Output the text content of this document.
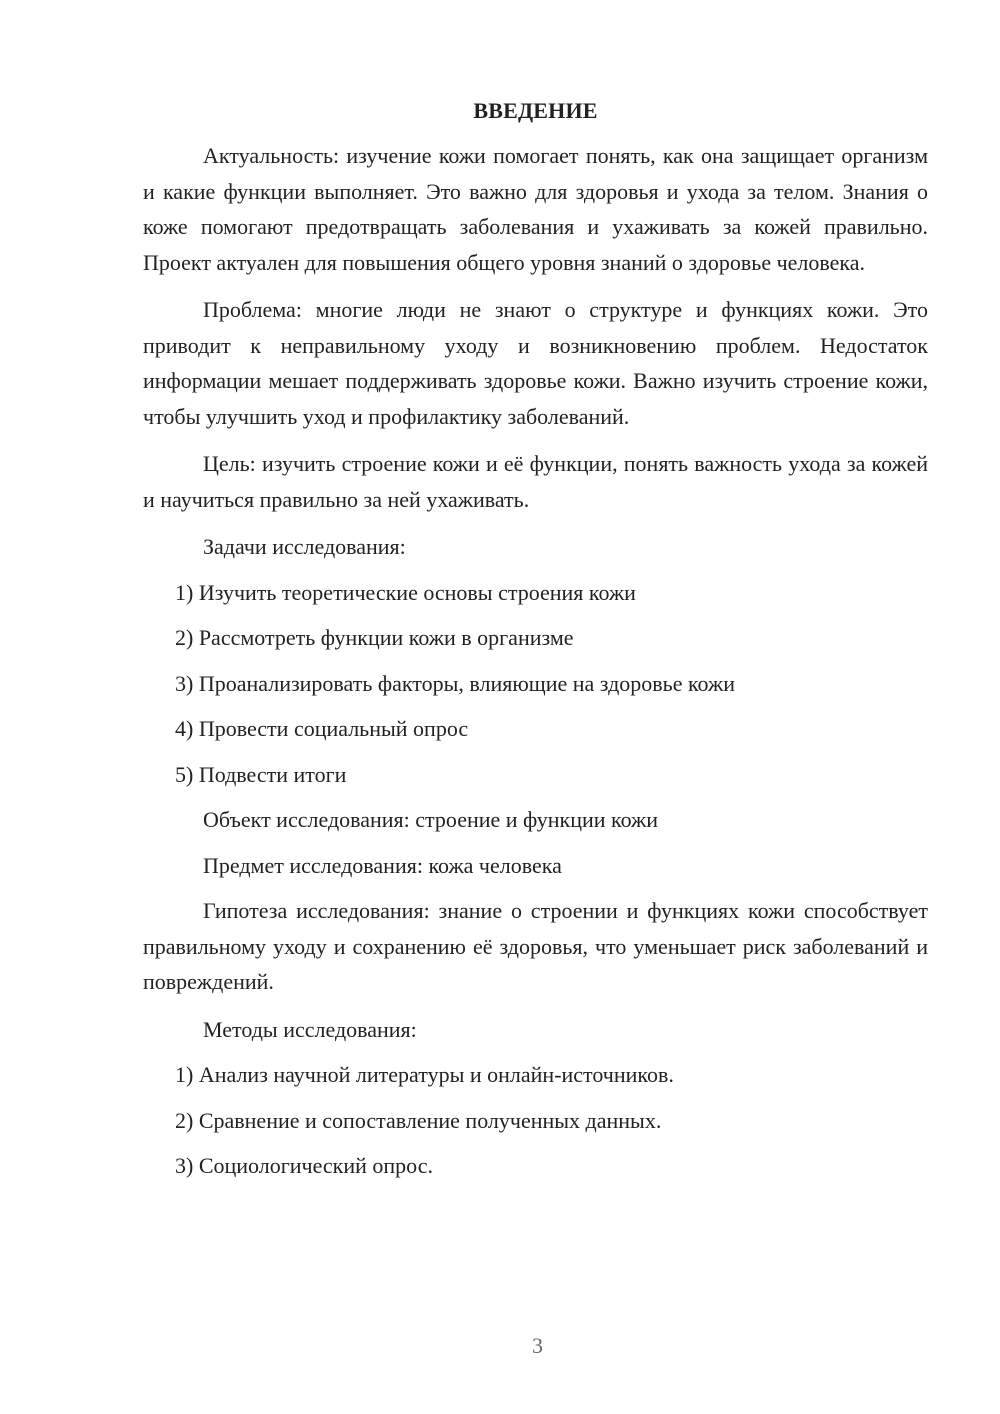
ВВЕДЕНИЕ

Актуальность: изучение кожи помогает понять, как она защищает организм и какие функции выполняет. Это важно для здоровья и ухода за телом. Знания о коже помогают предотвращать заболевания и ухаживать за кожей правильно. Проект актуален для повышения общего уровня знаний о здоровье человека.

Проблема: многие люди не знают о структуре и функциях кожи. Это приводит к неправильному уходу и возникновению проблем. Недостаток информации мешает поддерживать здоровье кожи. Важно изучить строение кожи, чтобы улучшить уход и профилактику заболеваний.

Цель: изучить строение кожи и её функции, понять важность ухода за кожей и научиться правильно за ней ухаживать.

Задачи исследования:
1) Изучить теоретические основы строения кожи
2) Рассмотреть функции кожи в организме
3) Проанализировать факторы, влияющие на здоровье кожи
4) Провести социальный опрос
5) Подвести итоги
Объект исследования: строение и функции кожи
Предмет исследования: кожа человека

Гипотеза исследования: знание о строении и функциях кожи способствует правильному уходу и сохранению её здоровья, что уменьшает риск заболеваний и повреждений.

Методы исследования:
1) Анализ научной литературы и онлайн-источников.
2) Сравнение и сопоставление полученных данных.
3) Социологический опрос.
3
